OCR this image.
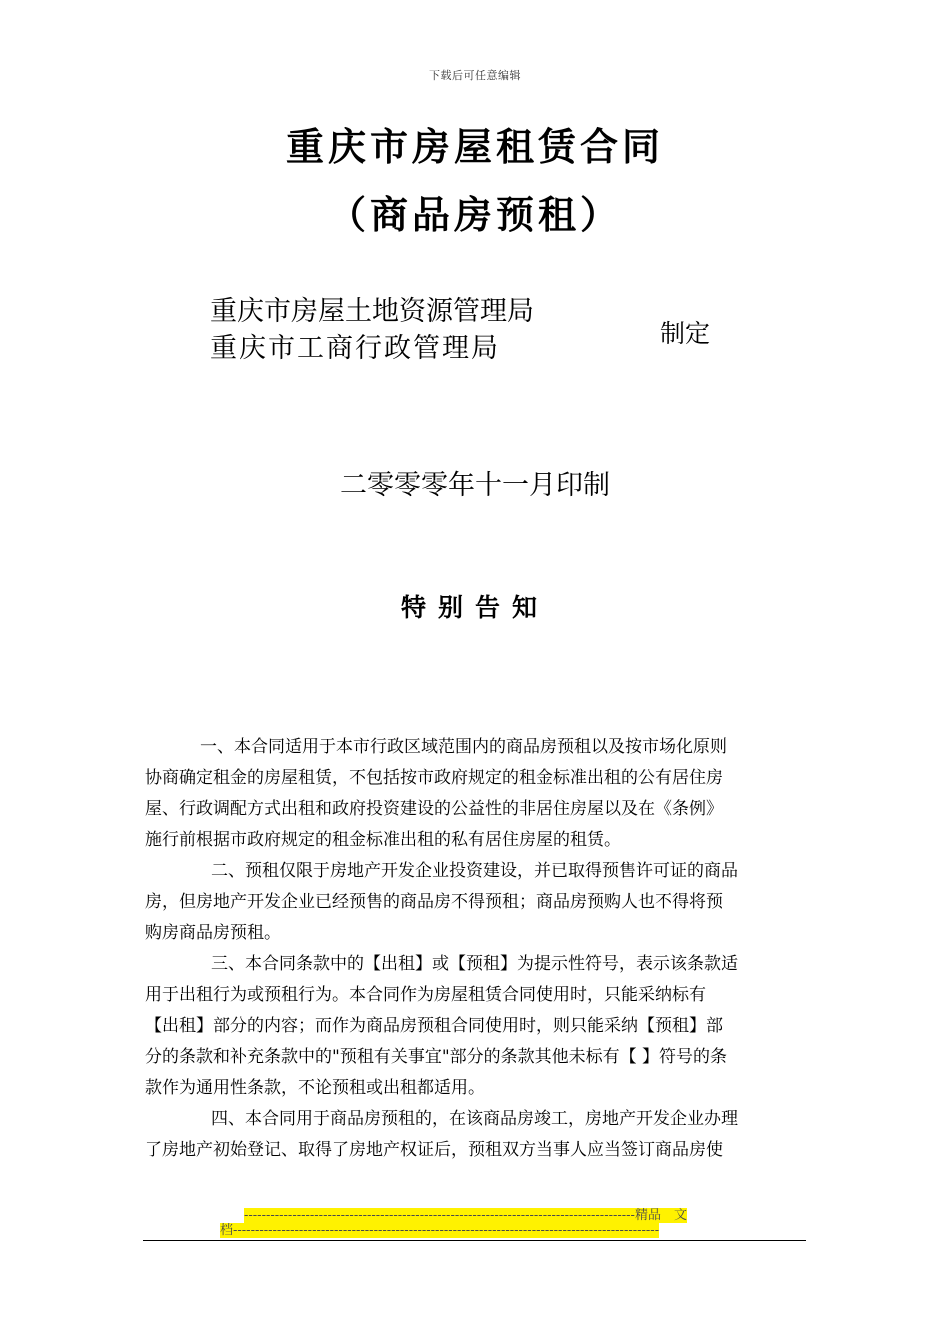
下载后可任意编辑
重庆市房屋租赁合同
（商品房预租）
重庆市房屋土地资源管理局
重庆市工商行政管理局	制定
二零零零年十一月印制
特别告知

一、本合同适用于本市行政区域范围内的商品房预租以及按市场化原则
协商确定租金的房屋租赁，不包括按市政府规定的租金标准出租的公有居住房
屋、行政调配方式出租和政府投资建设的公益性的非居住房屋以及在《条例》
施行前根据市政府规定的租金标准出租的私有居住房屋的租赁。

二、预租仅限于房地产开发企业投资建设，并已取得预售许可证的商品
房，但房地产开发企业已经预售的商品房不得预租；商品房预购人也不得将预
购房商品房预租。

三、本合同条款中的【出租】或【预租】为提示性符号，表示该条款适
用于出租行为或预租行为。本合同作为房屋租赁合同使用时，只能采纳标有
【出租】部分的内容；而作为商品房预租合同使用时，则只能采纳【预租】部
分的条款和补充条款中的"预租有关事宜"部分的条款其他未标有【 】符号的条
款作为通用性条款，不论预租或出租都适用。

四、本合同用于商品房预租的，在该商品房竣工，房地产开发企业办理
了房地产初始登记、取得了房地产权证后，预租双方当事人应当签订商品房使

-----------------------------------------------------------------------------------------精品　文
档-------------------------------------------------------------------------------------------------
